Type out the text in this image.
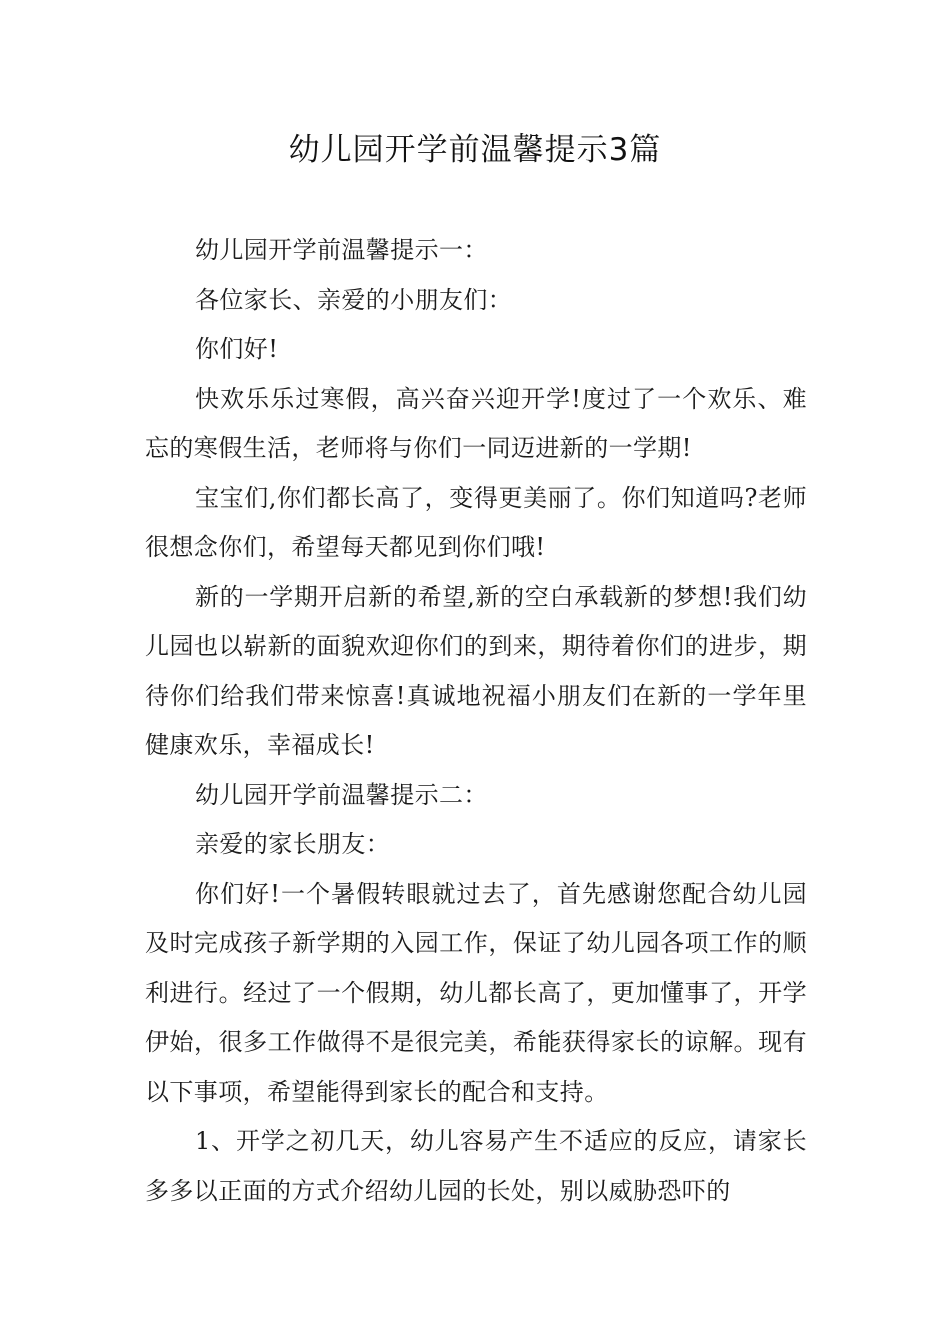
幼儿园开学前温馨提示3篇

幼儿园开学前温馨提示一：

各位家长、亲爱的小朋友们：

你们好!

快欢乐乐过寒假，高兴奋兴迎开学!度过了一个欢乐、难忘的寒假生活，老师将与你们一同迈进新的一学期!

宝宝们,你们都长高了，变得更美丽了。你们知道吗?老师很想念你们，希望每天都见到你们哦!

新的一学期开启新的希望,新的空白承载新的梦想!我们幼儿园也以崭新的面貌欢迎你们的到来，期待着你们的进步，期待你们给我们带来惊喜!真诚地祝福小朋友们在新的一学年里健康欢乐，幸福成长!

幼儿园开学前温馨提示二：

亲爱的家长朋友：

你们好!一个暑假转眼就过去了，首先感谢您配合幼儿园及时完成孩子新学期的入园工作，保证了幼儿园各项工作的顺利进行。经过了一个假期，幼儿都长高了，更加懂事了，开学伊始，很多工作做得不是很完美，希能获得家长的谅解。现有以下事项，希望能得到家长的配合和支持。

1、开学之初几天，幼儿容易产生不适应的反应，请家长多多以正面的方式介绍幼儿园的长处，别以威胁恐吓的
